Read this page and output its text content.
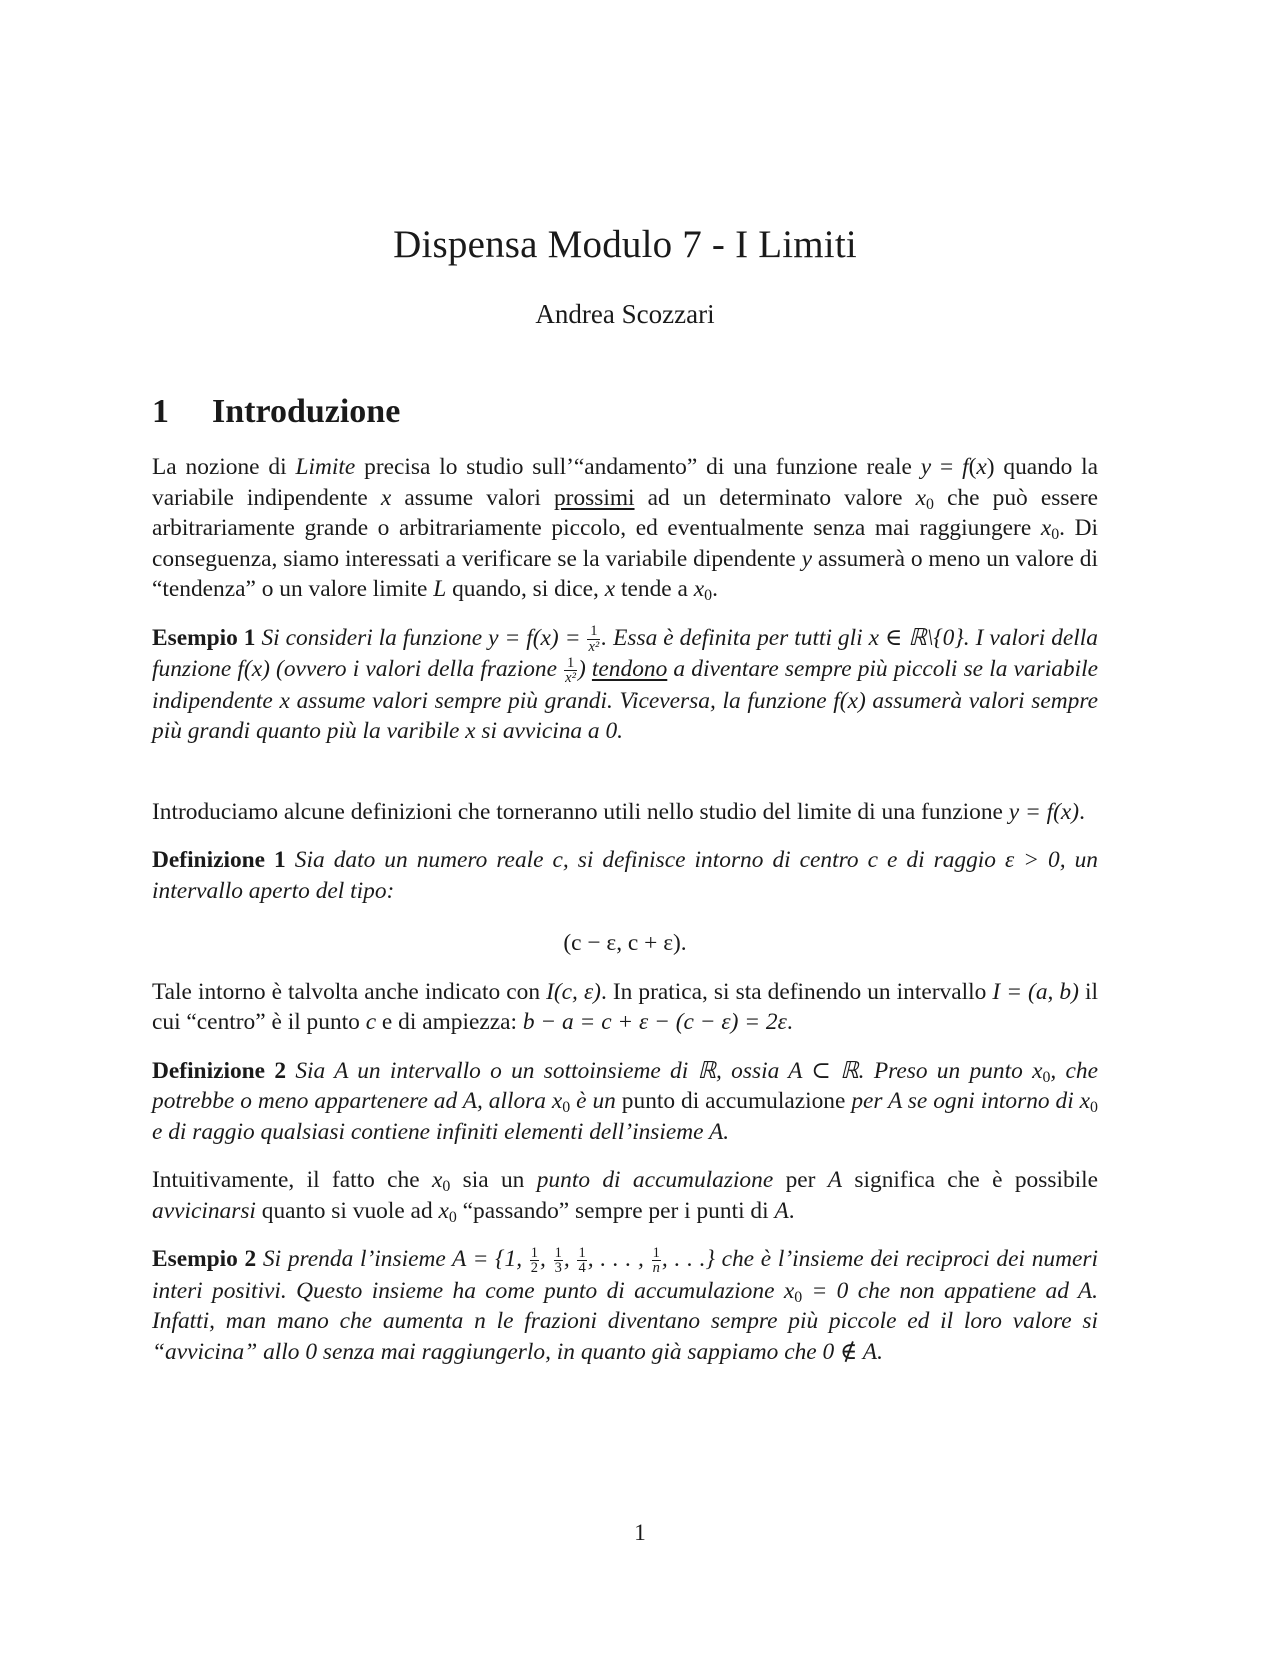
Dispensa Modulo 7 - I Limiti
Andrea Scozzari
1 Introduzione

La nozione di Limite precisa lo studio sull’“andamento” di una funzione reale y = f(x) quando la variabile indipendente x assume valori prossimi ad un determinato valore $x_0$ che può essere arbitrariamente grande o arbitrariamente piccolo, ed eventualmente senza mai raggiungere $x_0$. Di conseguenza, siamo interessati a verificare se la variabile dipendente y assumerà o meno un valore di “tendenza” o un valore limite L quando, si dice, x tende a $x_0$.

Esempio 1 Si consideri la funzione $y = f(x) = \frac{1}{\text{x²}}$ . Essa è definita per tutti gli x ∈ ℝ\{0}. I valori della funzione f(x) (ovvero i valori della frazione $\frac{1}{\text{x²}}$ ) tendono a diventare sempre più piccoli se la variabile indipendente x assume valori sempre più grandi. Viceversa, la funzione f(x) assumerà valori sempre più grandi quanto più la varibile x si avvicina a 0.

Introduciamo alcune definizioni che torneranno utili nello studio del limite di una funzione y = f(x).

Definizione 1 Sia dato un numero reale c, si definisce intorno di centro c e di raggio ε > 0, un intervallo aperto del tipo:

(c − ε, c + ε).

Tale intorno è talvolta anche indicato con I(c, ε). In pratica, si sta definendo un intervallo I = (a, b) il cui “centro” è il punto c e di ampiezza: b − a = c + ε − (c − ε) = 2ε.

Definizione 2 Sia A un intervallo o un sottoinsieme di ℝ, ossia A ⊂ ℝ. Preso un punto $x_0$, che potrebbe o meno appartenere ad A, allora $x_0$ è un punto di accumulazione per A se ogni intorno di $x_0$ e di raggio qualsiasi contiene infiniti elementi dell’insieme A.

Intuitivamente, il fatto che $x_0$ sia un punto di accumulazione per A significa che è possibile avvicinarsi quanto si vuole ad $x_0$ “passando” sempre per i punti di A.

Esempio 2 Si prenda l’insieme A = {1, $\frac{1}{2}$ , $\frac{1}{3}$ , $\frac{1}{4}$ , . . . , $\frac{1}{n}$ , . . .} che è l’insieme dei reciproci dei numeri interi positivi. Questo insieme ha come punto di accumulazione $x_0 = 0$ che non appatiene ad A. Infatti, man mano che aumenta n le frazioni diventano sempre più piccole ed il loro valore si “avvicina” allo 0 senza mai raggiungerlo, in quanto già sappiamo che 0 ∉ A.

1
